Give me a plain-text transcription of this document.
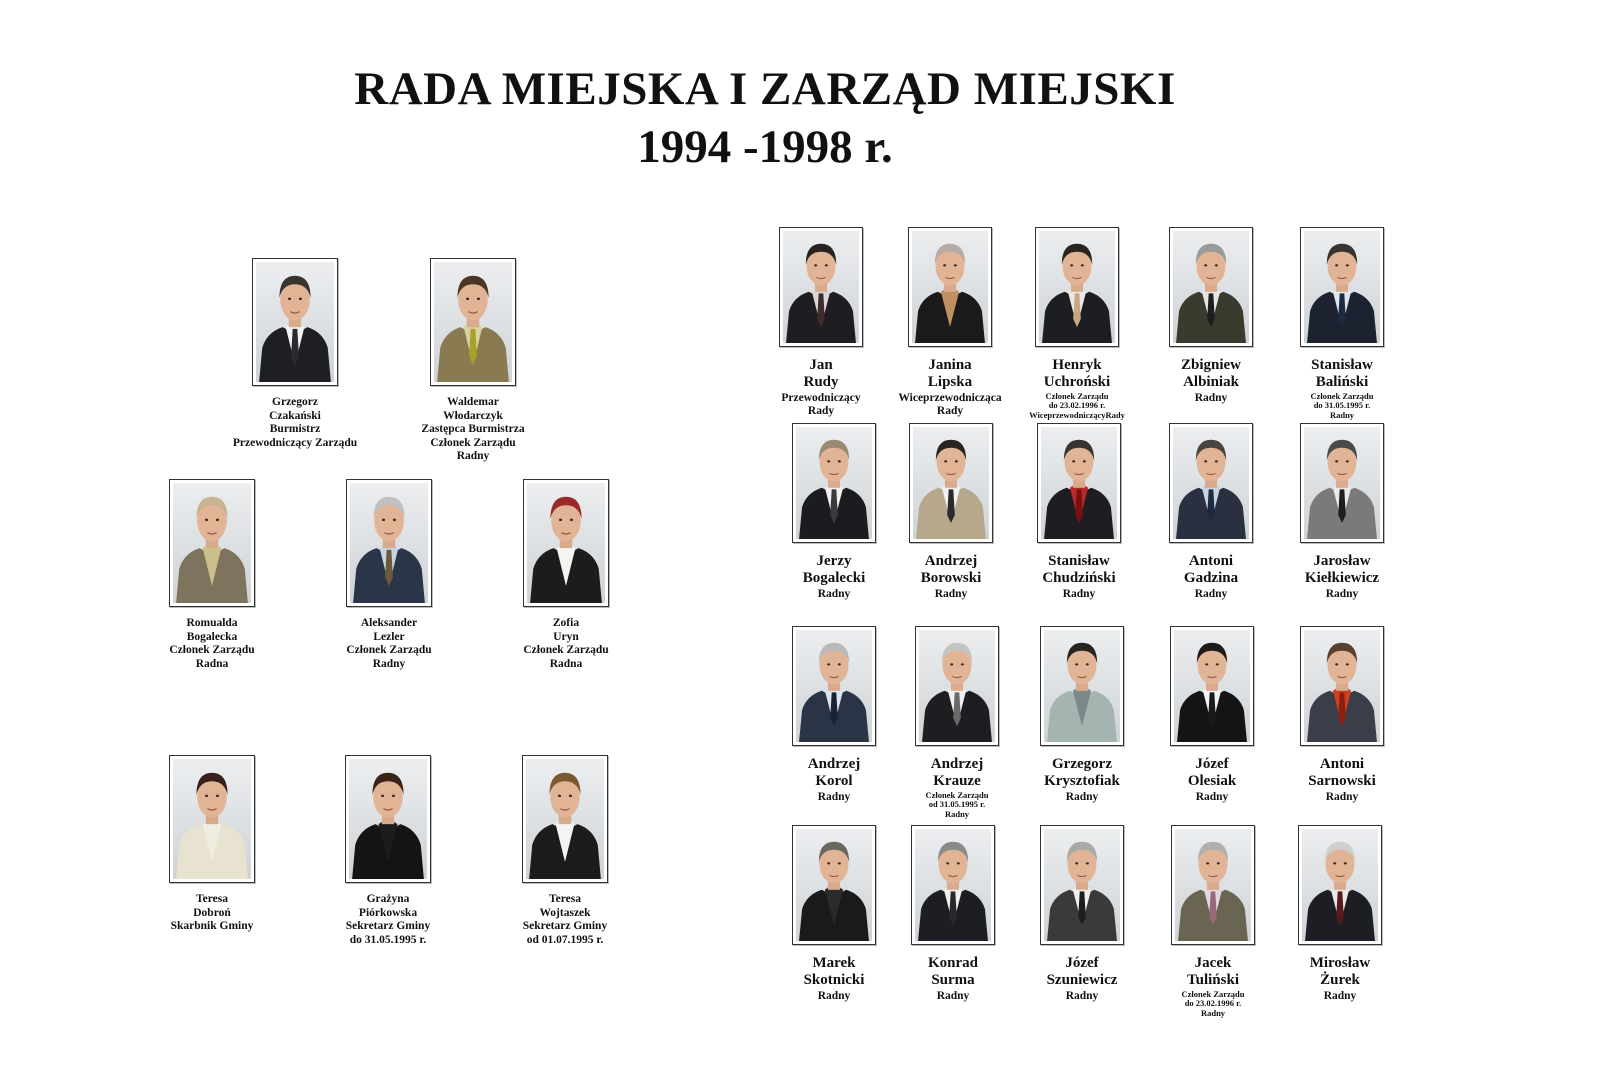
RADA MIEJSKA I ZARZĄD MIEJSKI
1994 -1998 r.
Grzegorz
Czakański
Burmistrz
Przewodniczący Zarządu
Waldemar
Włodarczyk
Zastępca Burmistrza
Członek Zarządu
Radny
Romualda
Bogalecka
Członek Zarządu
Radna
Aleksander
Lezler
Członek Zarządu
Radny
Zofia
Uryn
Członek Zarządu
Radna
Teresa
Dobroń
Skarbnik Gminy
Grażyna
Piórkowska
Sekretarz Gminy
do 31.05.1995 r.
Teresa
Wojtaszek
Sekretarz Gminy
od 01.07.1995 r.
Jan
Rudy
Przewodniczący
Rady
Janina
Lipska
Wiceprzewodnicząca
Rady
Henryk
Uchroński
Członek Zarządu
do 23.02.1996 r.
WiceprzewodniczącyRady
Zbigniew
Albiniak
Radny
Stanisław
Baliński
Członek Zarządu
do 31.05.1995 r.
Radny
Jerzy
Bogalecki
Radny
Andrzej
Borowski
Radny
Stanisław
Chudziński
Radny
Antoni
Gadzina
Radny
Jarosław
Kiełkiewicz
Radny
Andrzej
Korol
Radny
Andrzej
Krauze
Członek Zarządu
od 31.05.1995 r.
Radny
Grzegorz
Krysztofiak
Radny
Józef
Olesiak
Radny
Antoni
Sarnowski
Radny
Marek
Skotnicki
Radny
Konrad
Surma
Radny
Józef
Szuniewicz
Radny
Jacek
Tuliński
Członek Zarządu
do 23.02.1996 r.
Radny
Mirosław
Żurek
Radny
